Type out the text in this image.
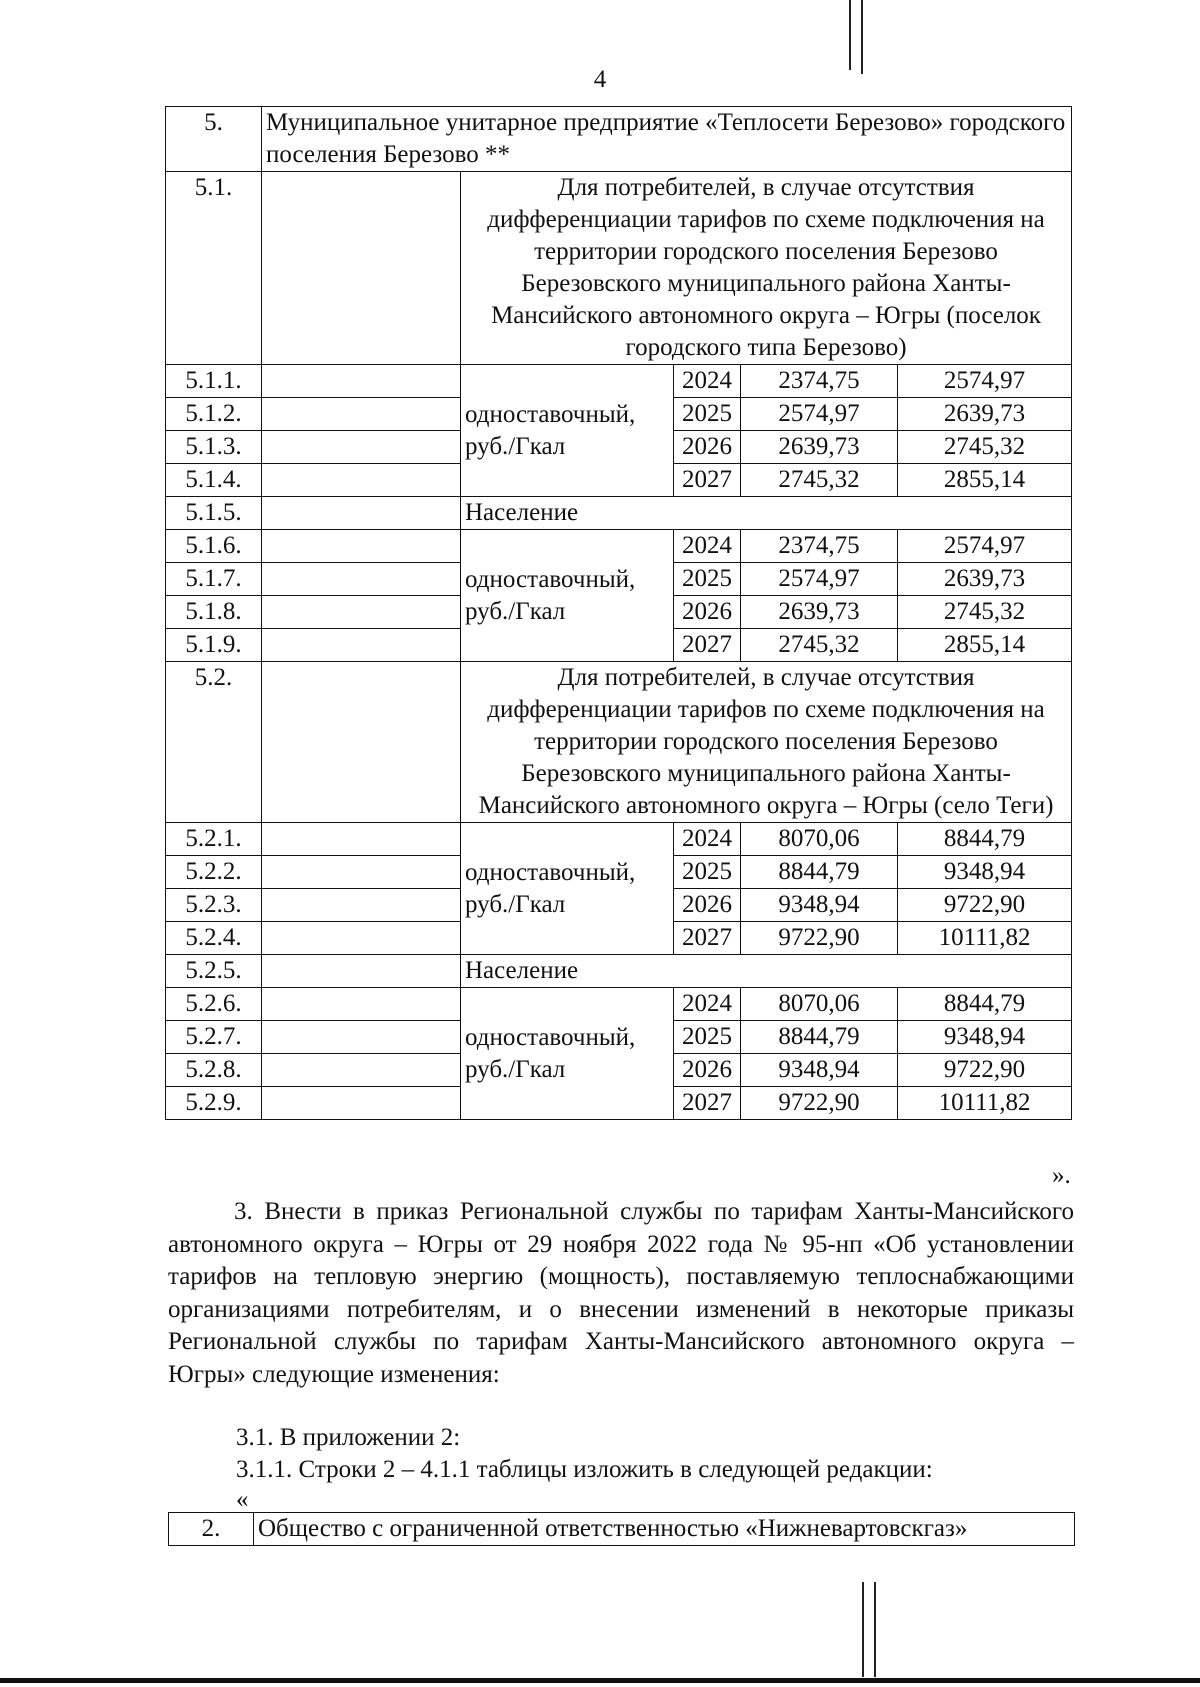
4
5.	Муниципальное унитарное предприятие «Теплосети Березово» городского поселения Березово **				
5.1.		Для потребителей, в случае отсутствия дифференциации тарифов по схеме подключения на территории городского поселения Березово Березовского муниципального района Ханты-Мансийского автономного округа – Югры (поселок городского типа Березово)			
5.1.1.		одноставочный, руб./Гкал	2024	2374,75	2574,97
5.1.2.			2025	2574,97	2639,73
5.1.3.			2026	2639,73	2745,32
5.1.4.			2027	2745,32	2855,14
5.1.5.		Население			
5.1.6.		одноставочный, руб./Гкал	2024	2374,75	2574,97
5.1.7.			2025	2574,97	2639,73
5.1.8.			2026	2639,73	2745,32
5.1.9.			2027	2745,32	2855,14
5.2.		Для потребителей, в случае отсутствия дифференциации тарифов по схеме подключения на территории городского поселения Березово Березовского муниципального района Ханты-Мансийского автономного округа – Югры (село Теги)			
5.2.1.		одноставочный, руб./Гкал	2024	8070,06	8844,79
5.2.2.			2025	8844,79	9348,94
5.2.3.			2026	9348,94	9722,90
5.2.4.			2027	9722,90	10111,82
5.2.5.		Население			
5.2.6.		одноставочный, руб./Гкал	2024	8070,06	8844,79
5.2.7.			2025	8844,79	9348,94
5.2.8.			2026	9348,94	9722,90
5.2.9.			2027	9722,90	10111,82
».
3. Внести в приказ Региональной службы по тарифам Ханты-Мансийского автономного округа – Югры от 29 ноября 2022 года № 95-нп «Об установлении тарифов на тепловую энергию (мощность), поставляемую теплоснабжающими организациями потребителям, и о внесении изменений в некоторые приказы Региональной службы по тарифам Ханты-Мансийского автономного округа – Югры» следующие изменения:
3.1. В приложении 2:
3.1.1. Строки 2 – 4.1.1 таблицы изложить в следующей редакции:
«
2.	Общество с ограниченной ответственностью «Нижневартовскгаз»
